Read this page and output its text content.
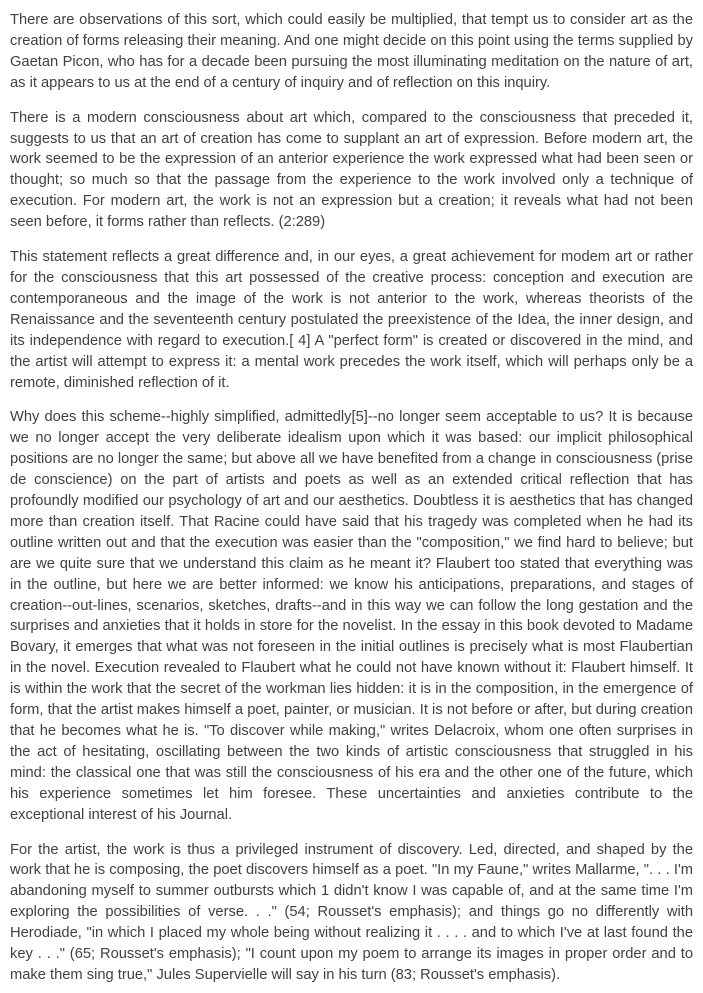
There are observations of this sort, which could easily be multiplied, that tempt us to consider art as the creation of forms releasing their meaning. And one might decide on this point using the terms supplied by Gaetan Picon, who has for a decade been pursuing the most illuminating meditation on the nature of art, as it appears to us at the end of a century of inquiry and of reflection on this inquiry.

There is a modern consciousness about art which, compared to the consciousness that preceded it, suggests to us that an art of creation has come to supplant an art of expression. Before modern art, the work seemed to be the expression of an anterior experience the work expressed what had been seen or thought; so much so that the passage from the experience to the work involved only a technique of execution. For modern art, the work is not an expression but a creation; it reveals what had not been seen before, it forms rather than reflects. (2:289)

This statement reflects a great difference and, in our eyes, a great achievement for modem art or rather for the consciousness that this art possessed of the creative process: conception and execution are contemporaneous and the image of the work is not anterior to the work, whereas theorists of the Renaissance and the seventeenth century postulated the preexistence of the Idea, the inner design, and its independence with regard to execution.[ 4] A "perfect form" is created or discovered in the mind, and the artist will attempt to express it: a mental work precedes the work itself, which will perhaps only be a remote, diminished reflection of it.

Why does this scheme--highly simplified, admittedly[5]--no longer seem acceptable to us? It is because we no longer accept the very deliberate idealism upon which it was based: our implicit philosophical positions are no longer the same; but above all we have benefited from a change in consciousness (prise de conscience) on the part of artists and poets as well as an extended critical reflection that has profoundly modified our psychology of art and our aesthetics. Doubtless it is aesthetics that has changed more than creation itself. That Racine could have said that his tragedy was completed when he had its outline written out and that the execution was easier than the "composition," we find hard to believe; but are we quite sure that we understand this claim as he meant it? Flaubert too stated that everything was in the outline, but here we are better informed: we know his anticipations, preparations, and stages of creation--out-lines, scenarios, sketches, drafts--and in this way we can follow the long gestation and the surprises and anxieties that it holds in store for the novelist. In the essay in this book devoted to Madame Bovary, it emerges that what was not foreseen in the initial outlines is precisely what is most Flaubertian in the novel. Execution revealed to Flaubert what he could not have known without it: Flaubert himself. It is within the work that the secret of the workman lies hidden: it is in the composition, in the emergence of form, that the artist makes himself a poet, painter, or musician. It is not before or after, but during creation that he becomes what he is. "To discover while making," writes Delacroix, whom one often surprises in the act of hesitating, oscillating between the two kinds of artistic consciousness that struggled in his mind: the classical one that was still the consciousness of his era and the other one of the future, which his experience sometimes let him foresee. These uncertainties and anxieties contribute to the exceptional interest of his Journal.

For the artist, the work is thus a privileged instrument of discovery. Led, directed, and shaped by the work that he is composing, the poet discovers himself as a poet. "In my Faune," writes Mallarme, ". . . I'm abandoning myself to summer outbursts which 1 didn't know I was capable of, and at the same time I'm exploring the possibilities of verse. . ." (54; Rousset's emphasis); and things go no differently with Herodiade, "in which I placed my whole being without realizing it . . . . and to which I've at last found the key . . ." (65; Rousset's emphasis); "I count upon my poem to arrange its images in proper order and to make them sing true," Jules Supervielle will say in his turn (83; Rousset's emphasis).
